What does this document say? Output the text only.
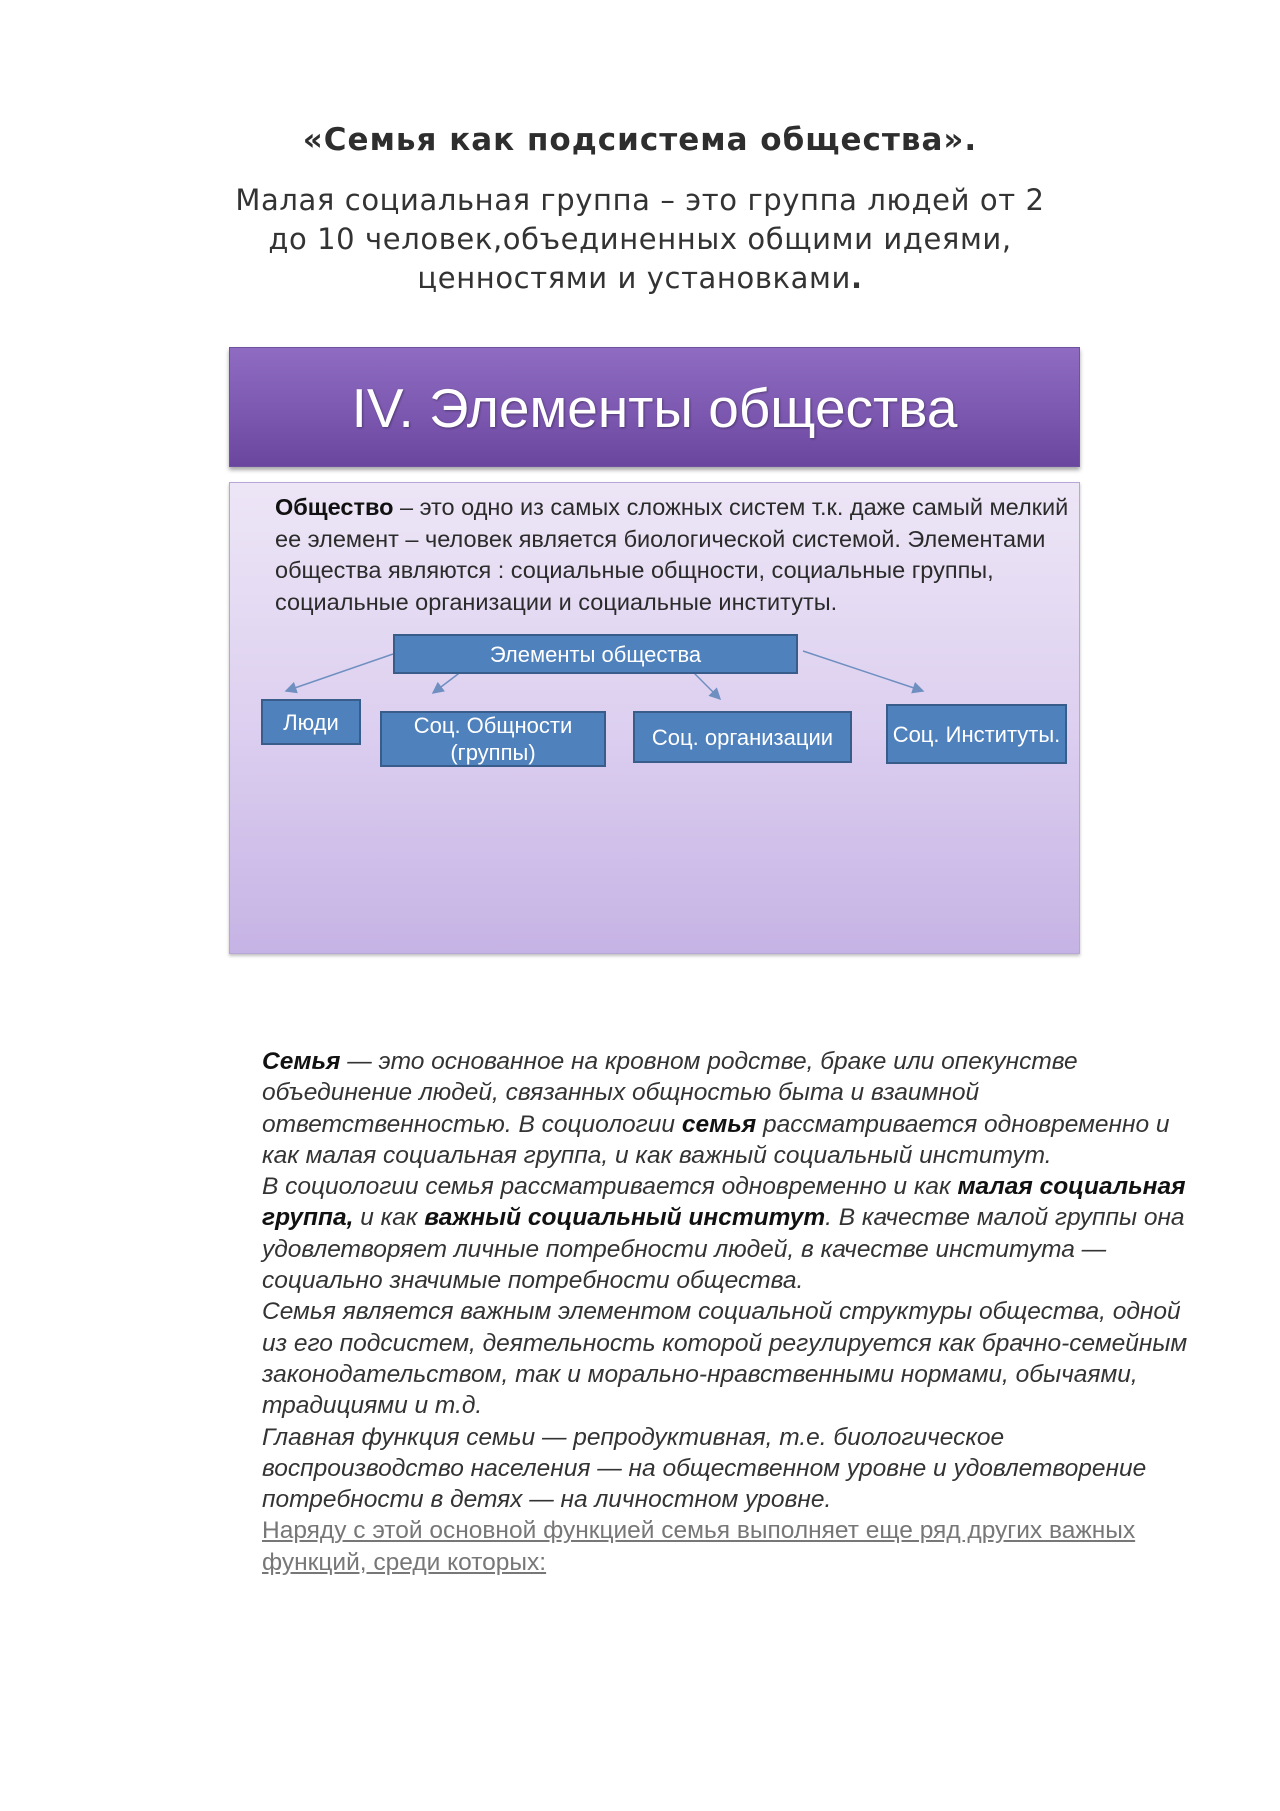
«Семья как подсистема общества».
Малая социальная группа – это группа людей от 2 до 10 человек,объединенных общими идеями, ценностями и установками.
IV. Элементы общества
Общество – это одно из самых сложных систем т.к. даже самый мелкий ее элемент – человек является биологической системой. Элементами общества являются : социальные общности, социальные группы, социальные организации и социальные институты.
Элементы общества
Люди	Соц. Общности (группы)
Соц. организации	Соц. Институты.

Семья — это основанное на кровном родстве, браке или опекунстве объединение людей, связанных общностью быта и взаимной ответственностью. В социологии семья рассматривается одновременно и как малая социальная группа, и как важный социальный институт.

В социологии семья рассматривается одновременно и как малая социальная группа, и как важный социальный институт. В качестве малой группы она удовлетворяет личные потребности людей, в качестве института — социально значимые потребности общества.

Семья является важным элементом социальной структуры общества, одной из его подсистем, деятельность которой регулируется как брачно-семейным законодательством, так и морально-нравственными нормами, обычаями, традициями и т.д.

Главная функция семьи — репродуктивная, т.е. биологическое воспроизводство населения — на общественном уровне и удовлетворение потребности в детях — на личностном уровне.

Наряду с этой основной функцией семья выполняет еще ряд других важных функций, среди которых:
